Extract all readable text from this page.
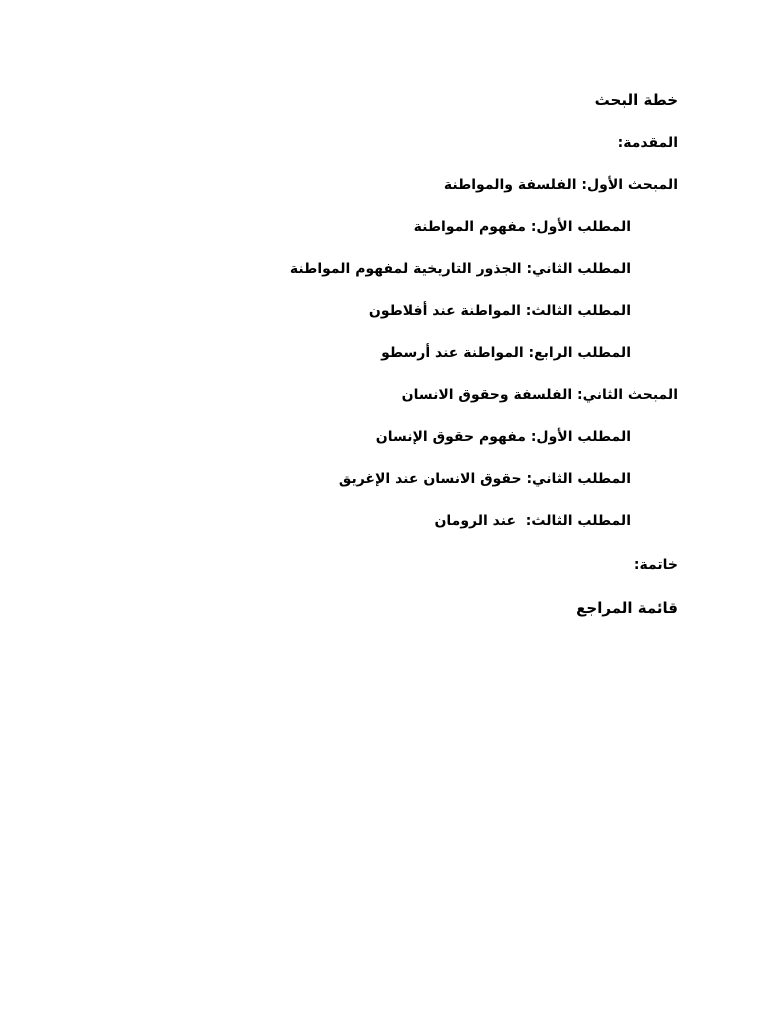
خطة البحث
المقدمة:
المبحث الأول: الفلسفة والمواطنة
المطلب الأول: مفهوم المواطنة
المطلب الثاني: الجذور التاريخية لمفهوم المواطنة
المطلب الثالث: المواطنة عند أفلاطون
المطلب الرابع: المواطنة عند أرسطو
المبحث الثاني: الفلسفة وحقوق الانسان
المطلب الأول: مفهوم حقوق الإنسان
المطلب الثاني: حقوق الانسان عند الإغريق
المطلب الثالث:  عند الرومان
خاتمة:
قائمة المراجع
